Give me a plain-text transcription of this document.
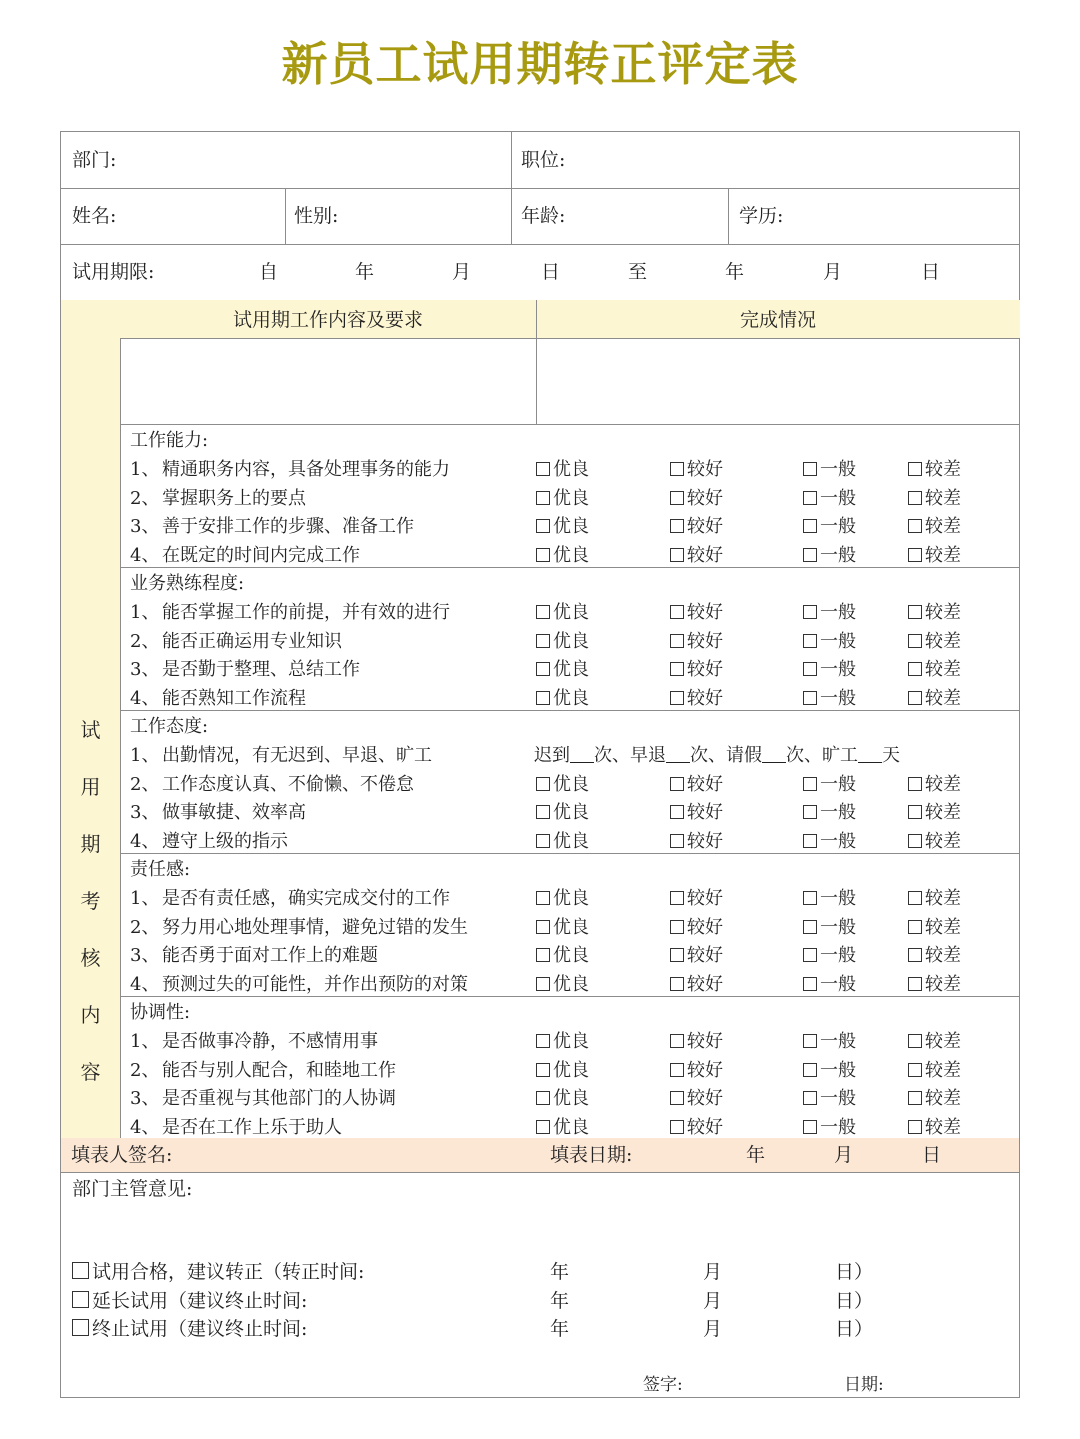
新员工试用期转正评定表
部门:	职位:
姓名:	性别:	年龄:	学历:
试用期限:	自	年	月	日	至	年	月	日
试
用
期
考
核
内
容
试用期工作内容及要求	完成情况
工作能力:
1、 精通职务内容，具备处理事务的能力	优良	较好	一般	较差
2、 掌握职务上的要点	优良	较好	一般	较差
3、 善于安排工作的步骤、准备工作	优良	较好	一般	较差
4、 在既定的时间内完成工作	优良	较好	一般	较差
业务熟练程度:
1、 能否掌握工作的前提，并有效的进行	优良	较好	一般	较差
2、 能否正确运用专业知识	优良	较好	一般	较差
3、 是否勤于整理、总结工作	优良	较好	一般	较差
4、 能否熟知工作流程	优良	较好	一般	较差
工作态度:
1、 出勤情况，有无迟到、早退、旷工	迟到 次、早退 次、请假 次、旷工 天
2、 工作态度认真、不偷懒、不倦怠	优良	较好	一般	较差
3、 做事敏捷、效率高	优良	较好	一般	较差
4、 遵守上级的指示	优良	较好	一般	较差
责任感:
1、 是否有责任感，确实完成交付的工作	优良	较好	一般	较差
2、 努力用心地处理事情，避免过错的发生	优良	较好	一般	较差
3、 能否勇于面对工作上的难题	优良	较好	一般	较差
4、 预测过失的可能性，并作出预防的对策	优良	较好	一般	较差
协调性:
1、 是否做事冷静，不感情用事	优良	较好	一般	较差
2、 能否与别人配合，和睦地工作	优良	较好	一般	较差
3、 是否重视与其他部门的人协调	优良	较好	一般	较差
4、 是否在工作上乐于助人	优良	较好	一般	较差
填表人签名:	填表日期:	年	月	日
部门主管意见:
试用合格，建议转正（转正时间:	年	月	日）
延长试用（建议终止时间:	年	月	日）
终止试用（建议终止时间:	年	月	日）
签字:	日期:
